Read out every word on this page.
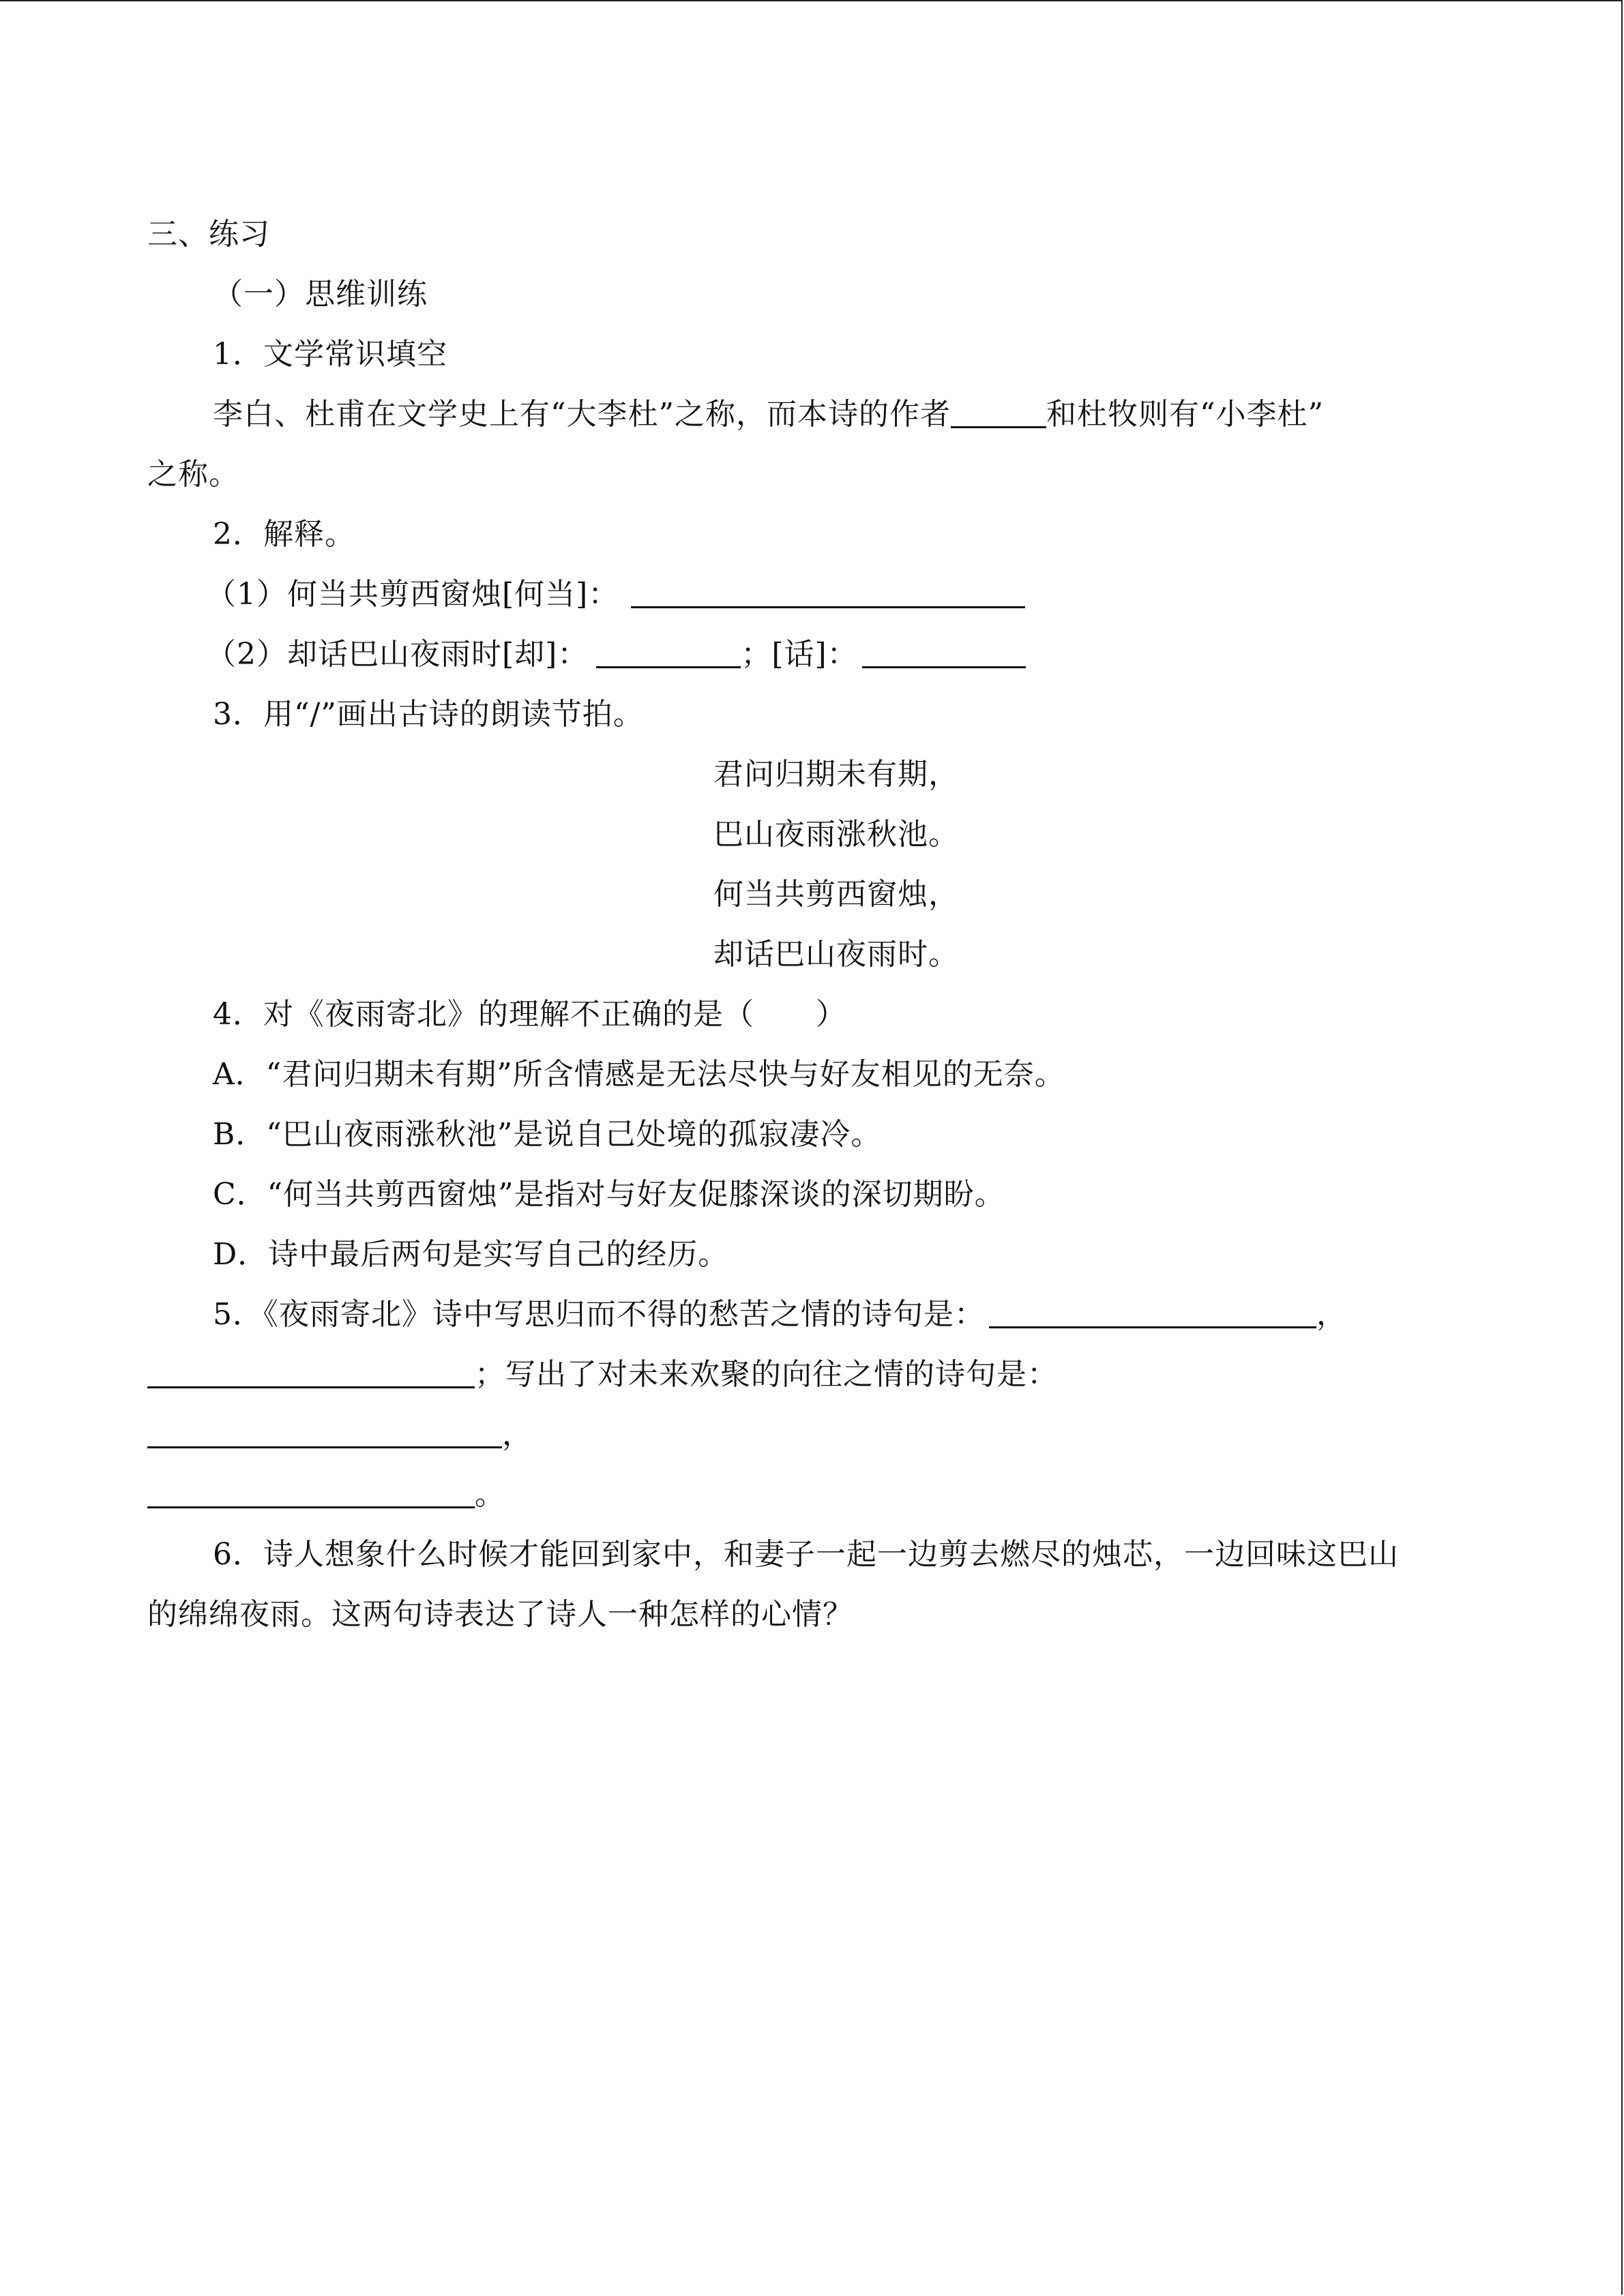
三、练习
（一）思维训练
1．文学常识填空
李白、杜甫在文学史上有“大李杜”之称，而本诗的作者	和杜牧则有“小李杜”
之称。
2．解释。
（1）何当共剪西窗烛[何当]：
（2）却话巴山夜雨时[却]：	；[话]：
3．用“/”画出古诗的朗读节拍。
君问归期未有期，
巴山夜雨涨秋池。
何当共剪西窗烛，
却话巴山夜雨时。
4．对《夜雨寄北》的理解不正确的是（　　）
A．“君问归期未有期”所含情感是无法尽快与好友相见的无奈。
B．“巴山夜雨涨秋池”是说自己处境的孤寂凄冷。
C．“何当共剪西窗烛”是指对与好友促膝深谈的深切期盼。
D．诗中最后两句是实写自己的经历。
5．《夜雨寄北》诗中写思归而不得的愁苦之情的诗句是：	，
；写出了对未来欢聚的向往之情的诗句是：
，
。
6．诗人想象什么时候才能回到家中，和妻子一起一边剪去燃尽的烛芯，一边回味这巴山
的绵绵夜雨。这两句诗表达了诗人一种怎样的心情？
